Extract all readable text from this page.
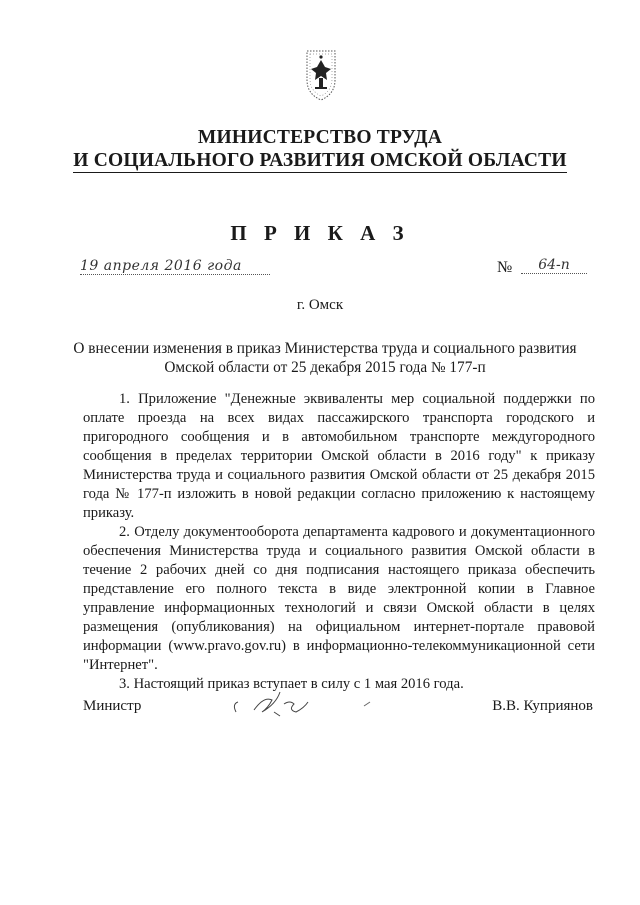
МИНИСТЕРСТВО ТРУДА
И СОЦИАЛЬНОГО РАЗВИТИЯ ОМСКОЙ ОБЛАСТИ
П Р И К А З
19 апреля 2016 года	№	64-п
г. Омск
О внесении изменения в приказ Министерства труда и социального развития Омской области от 25 декабря 2015 года № 177-п

1. Приложение "Денежные эквиваленты мер социальной поддержки по оплате проезда на всех видах пассажирского транспорта городского и пригородного сообщения и в автомобильном транспорте междугородного сообщения в пределах территории Омской области в 2016 году" к приказу Министерства труда и социального развития Омской области от 25 декабря 2015 года № 177-п изложить в новой редакции согласно приложению к настоящему приказу.

2. Отделу документооборота департамента кадрового и документационного обеспечения Министерства труда и социального развития Омской области в течение 2 рабочих дней со дня подписания настоящего приказа обеспечить представление его полного текста в виде электронной копии в Главное управление информационных технологий и связи Омской области в целях размещения (опубликования) на официальном интернет-портале правовой информации (www.pravo.gov.ru) в информационно-телекоммуникационной сети "Интернет".

3. Настоящий приказ вступает в силу с 1 мая 2016 года.

Министр	В.В. Куприянов
